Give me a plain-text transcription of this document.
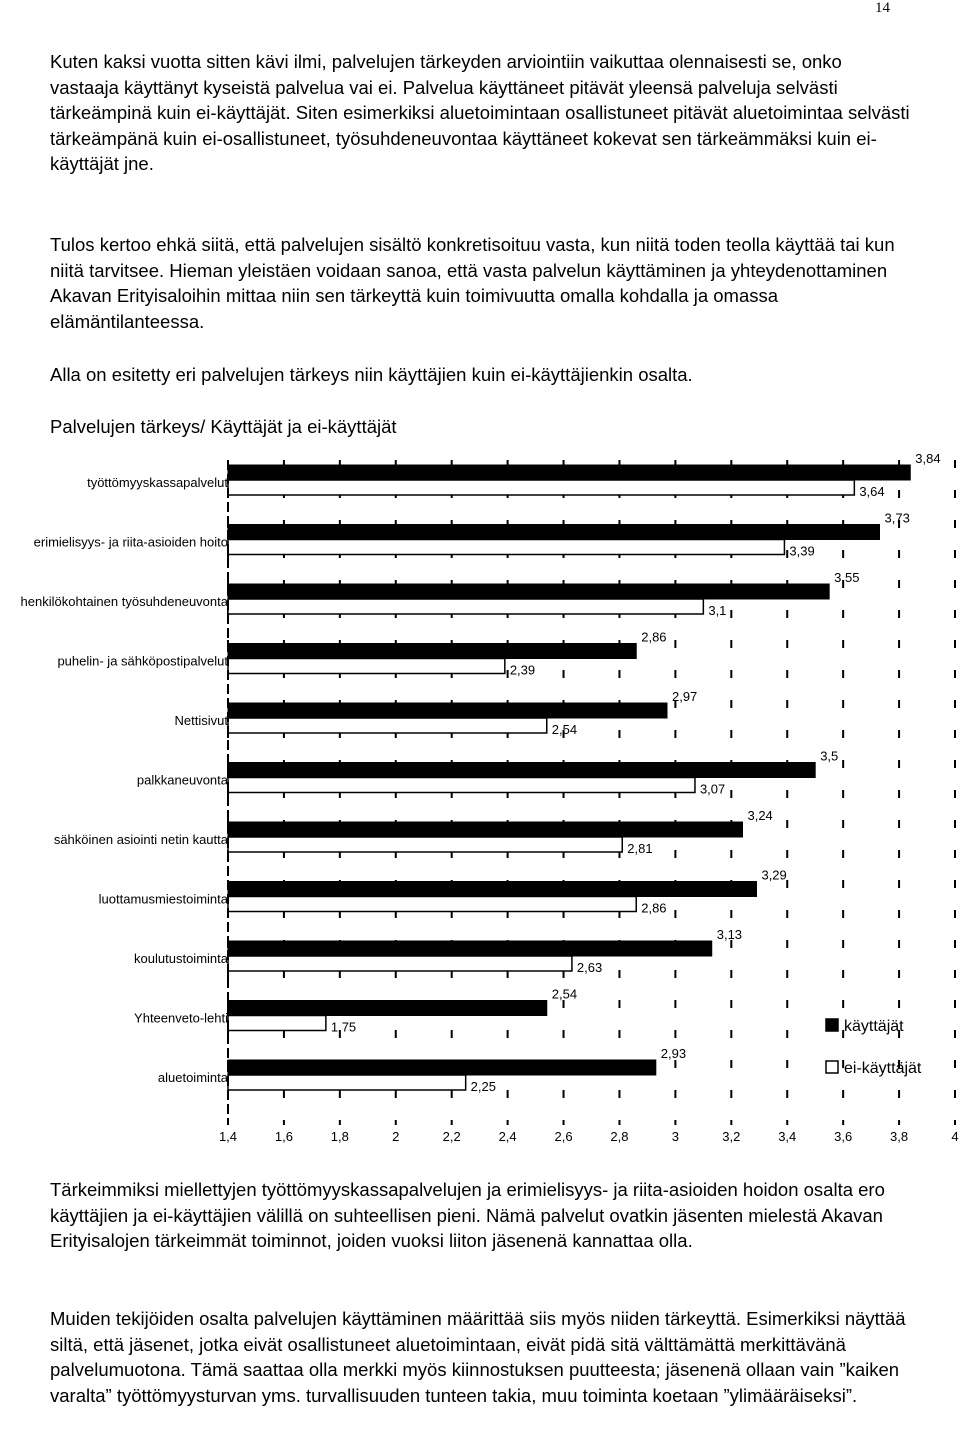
14

Kuten kaksi vuotta sitten kävi ilmi, palvelujen tärkeyden arviointiin vaikuttaa olennaisesti se, onko vastaaja käyttänyt kyseistä palvelua vai ei. Palvelua käyttäneet pitävät yleensä palveluja selvästi tärkeämpinä kuin ei-käyttäjät. Siten esimerkiksi aluetoimintaan osallistuneet pitävät aluetoimintaa selvästi tärkeämpänä kuin ei-osallistuneet, työsuhdeneuvontaa käyttäneet kokevat sen tärkeämmäksi kuin ei-käyttäjät jne.

Tulos kertoo ehkä siitä, että palvelujen sisältö konkretisoituu vasta, kun niitä toden teolla käyttää tai kun niitä tarvitsee. Hieman yleistäen voidaan sanoa, että vasta palvelun käyttäminen ja yhteydenottaminen Akavan Erityisaloihin mittaa niin sen tärkeyttä kuin toimivuutta omalla kohdalla ja omassa elämäntilanteessa.

Alla on esitetty eri palvelujen tärkeys niin käyttäjien kuin ei-käyttäjienkin osalta.

Palvelujen tärkeys/ Käyttäjät ja ei-käyttäjät

työttömyyskassapalvelut
3,84
3,64
erimielisyys- ja riita-asioiden hoito
3,73
3,39
henkilökohtainen työsuhdeneuvonta
3,55
3,1
puhelin- ja sähköpostipalvelut
2,86
2,39
Nettisivut
2,97
2,54
palkkaneuvonta
3,5
3,07
sähköinen asiointi netin kautta
3,24
2,81
luottamusmiestoiminta
3,29
2,86
koulutustoiminta
3,13
2,63
Yhteenveto-lehti
2,54
1,75
aluetoiminta
2,93
2,25
1,4	1,6	1,8	2	2,2	2,4	2,6	2,8	3	3,2	3,4	3,6	3,8	4
käyttäjät
ei-käyttäjät

Tärkeimmiksi miellettyjen työttömyyskassapalvelujen ja erimielisyys- ja riita-asioiden hoidon osalta ero käyttäjien ja ei-käyttäjien välillä on suhteellisen pieni. Nämä palvelut ovatkin jäsenten mielestä Akavan Erityisalojen tärkeimmät toiminnot, joiden vuoksi liiton jäsenenä kannattaa olla.

Muiden tekijöiden osalta palvelujen käyttäminen määrittää siis myös niiden tärkeyttä. Esimerkiksi näyttää siltä, että jäsenet, jotka eivät osallistuneet aluetoimintaan, eivät pidä sitä välttämättä merkittävänä palvelumuotona. Tämä saattaa olla merkki myös kiinnostuksen puutteesta; jäsenenä ollaan vain ”kaiken varalta” työttömyysturvan yms. turvallisuuden tunteen takia, muu toiminta koetaan ”ylimääräiseksi”.
